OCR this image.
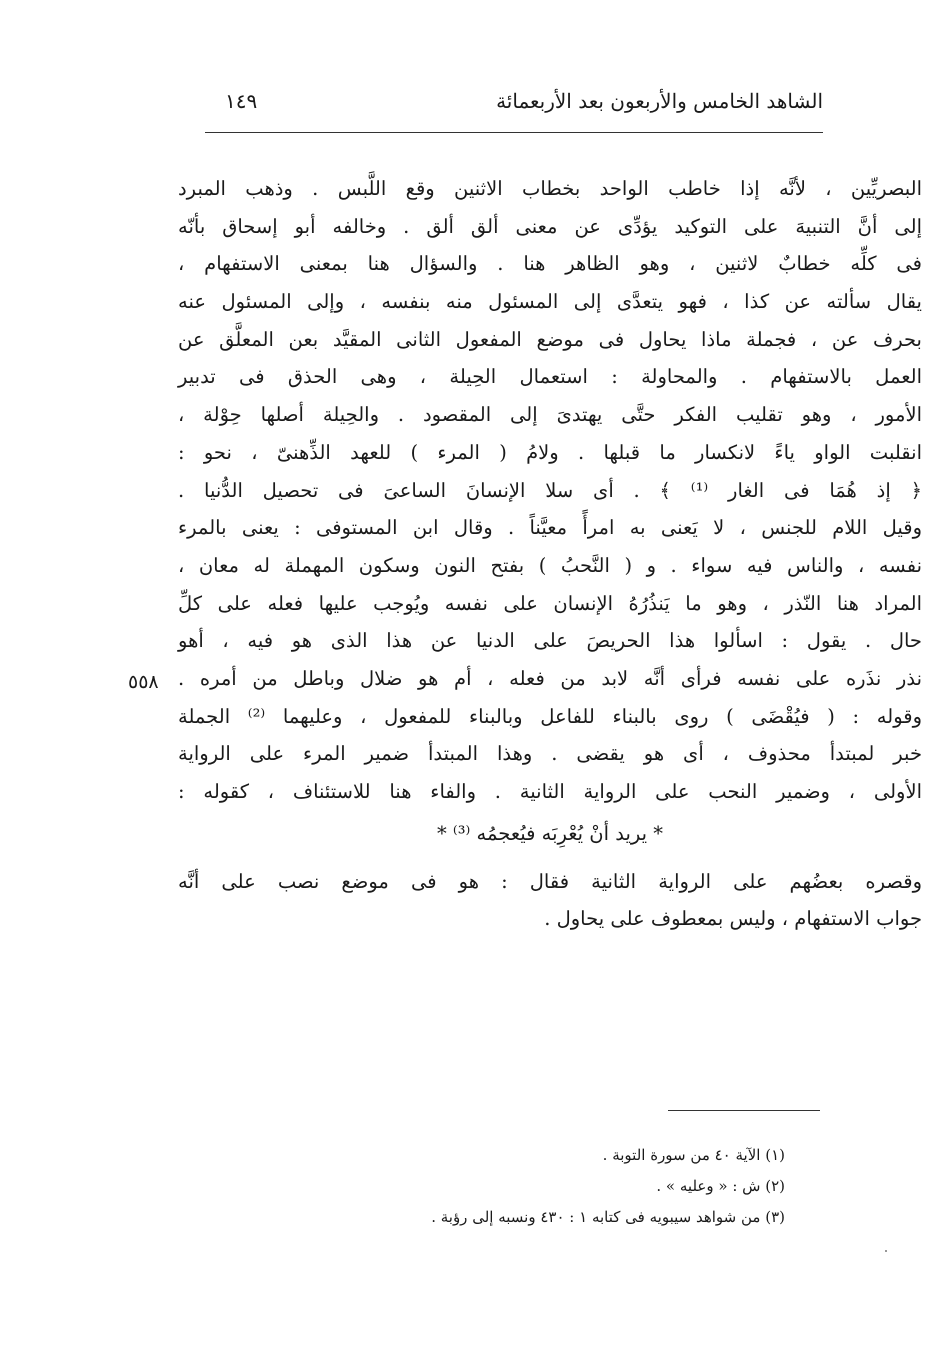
الشاهد الخامس والأربعون بعد الأربعمائة
١٤٩
البصريِّين ، لأنَّه إذا خاطب الواحد بخطاب الاثنين وقع اللَّبس . وذهب المبرد
إلى أنَّ التنبيهَ على التوكيد يؤدِّى عن معنى ألق ألق . وخالفه أبو إسحاق بأنّه
فى كلِّه خطابٌ لاثنين ، وهو الظاهر هنا . والسؤال هنا بمعنى الاستفهام ،
يقال سألته عن كذا ، فهو يتعدَّى إلى المسئول منه بنفسه ، وإلى المسئول عنه
بحرف عن ، فجملة ماذا يحاول فى موضع المفعول الثانى المقيَّد بعن المعلَّق عن
العمل بالاستفهام . والمحاولة : استعمال الحِيلة ، وهى الحذق فى تدبير
الأمور ، وهو تقليب الفكر حتَّى يهتدىَ إلى المقصود . والحِيلة أصلها حِوْلة ،
انقلبت الواو ياءً لانكسار ما قبلها . ولامُ ( المرء ) للعهد الذِّهنىّ ، نحو :
﴿ إذ هُمَا فى الغار ⁽¹⁾ ﴾ . أى سلا الإنسانَ الساعىَ فى تحصيل الدُّنيا .
وقيل اللام للجنس ، لا يَعنى به امرأً معيَّناً . وقال ابن المستوفى : يعنى بالمرء
نفسه ، والناس فيه سواء . و ( النَّحبُ ) بفتح النون وسكون المهملة له معان ،
المراد هنا النّذر ، وهو ما يَنذُرُهُ الإنسان على نفسه ويُوجب عليها فعله على كلِّ
حال . يقول : اسألوا هذا الحريصَ على الدنيا عن هذا الذى هو فيه ، أهو
نذر نذَره على نفسه فرأى أنَّه لابد من فعله ، أم هو ضلال وباطل من أمره .
وقوله : ( فيُقْضَى ) روى بالبناء للفاعل وبالبناء للمفعول ، وعليهما ⁽²⁾ الجملة
خبر لمبتدأ محذوف ، أى هو يقضى . وهذا المبتدأ ضمير المرء على الرواية
الأولى ، وضمير النحب على الرواية الثانية . والفاء هنا للاستئناف ، كقوله :
* يريد أنْ يُعْرِبَه فيُعجمُه ⁽³⁾ *
وقصره بعضُهم على الرواية الثانية فقال : هو فى موضع نصب على أنَّه
جواب الاستفهام ، وليس بمعطوف على يحاول .
٥٥٨
(١) الآية ٤٠ من سورة التوبة .
(٢) ش : « وعليه » .
(٣) من شواهد سيبويه فى كتابه ١ : ٤٣٠ ونسبه إلى رؤبة .
